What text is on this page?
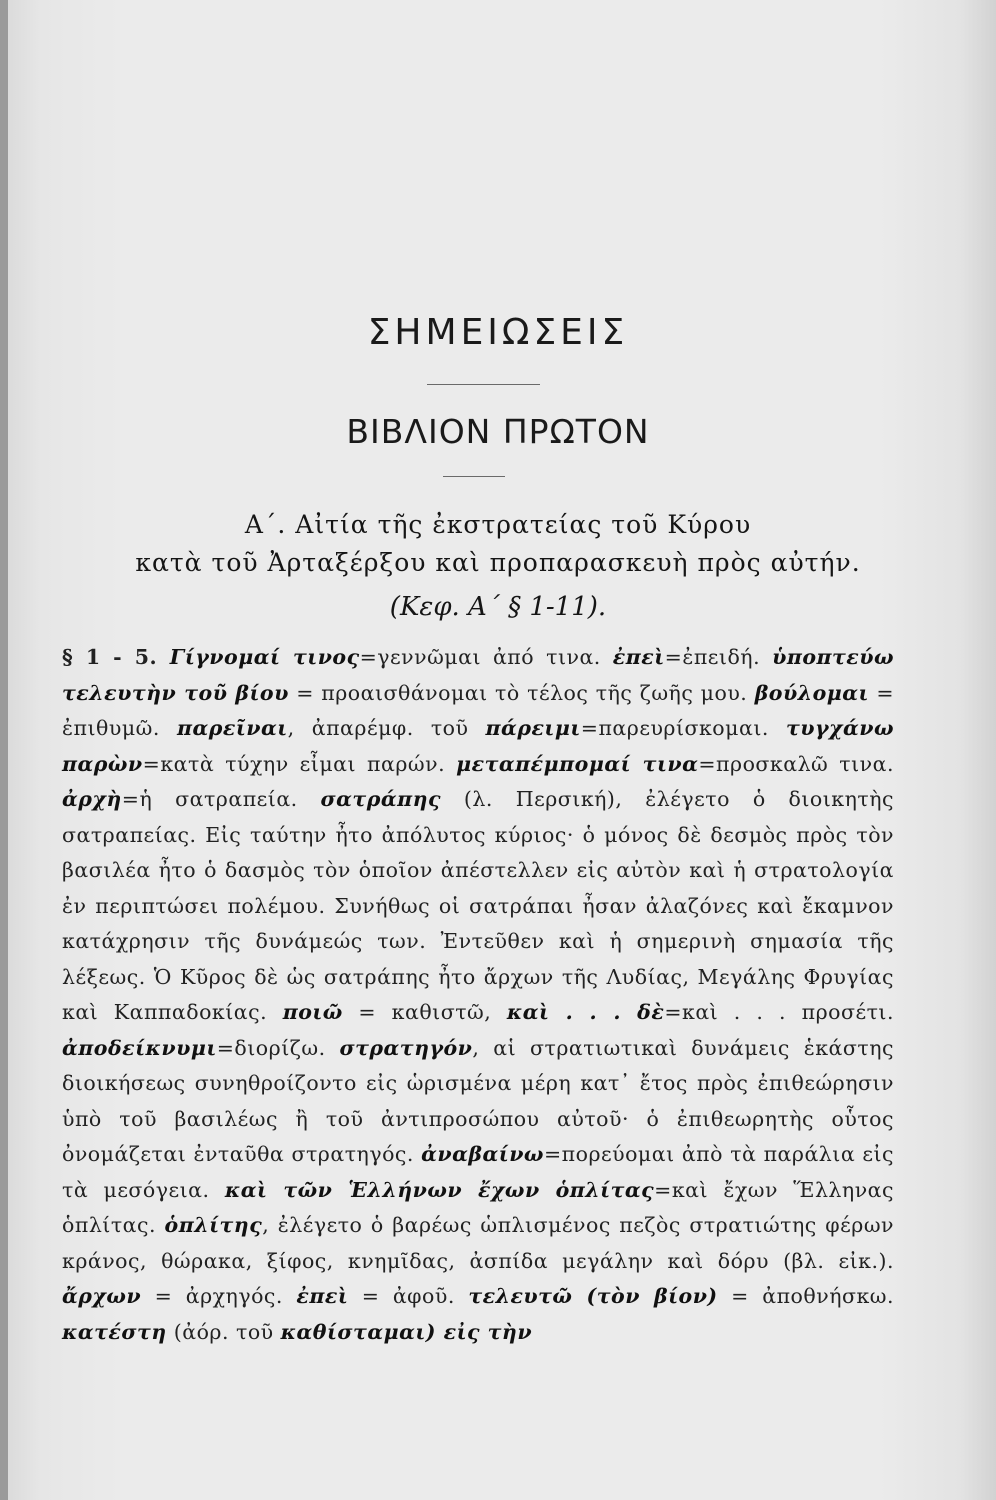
ΣΗΜΕΙΩΣΕΙΣ
ΒΙΒΛΙΟΝ ΠΡΩΤΟΝ
Α΄. Αἰτία τῆς ἐκστρατείας τοῦ Κύρου
κατὰ τοῦ Ἀρταξέρξου καὶ προπαρασκευὴ πρὸς αὐτήν.
(Κεφ. Α΄ § 1-11).
§ 1 - 5. Γίγνομαί τινος=γεννῶμαι ἀπό τινα. ἐπεὶ=ἐπειδή. ὑποπτεύω τελευτὴν τοῦ βίου = προαισθάνομαι τὸ τέλος τῆς ζωῆς μου. βούλομαι = ἐπιθυμῶ. παρεῖναι, ἀπαρέμφ. τοῦ πάρειμι=παρευρίσκομαι. τυγχάνω παρὼν=κατὰ τύχην εἶμαι παρών. μεταπέμπομαί τινα=προσκαλῶ τινα. ἀρχὴ=ἡ σατραπεία. σατράπης (λ. Περσική), ἐλέγετο ὁ διοικητὴς σατραπείας. Εἰς ταύτην ἦτο ἀπόλυτος κύριος· ὁ μόνος δὲ δεσμὸς πρὸς τὸν βασιλέα ἦτο ὁ δασμὸς τὸν ὁποῖον ἀπέστελλεν εἰς αὐτὸν καὶ ἡ στρατολογία ἐν περιπτώσει πολέμου. Συνήθως οἱ σατράπαι ἦσαν ἀλαζόνες καὶ ἔκαμνον κατάχρησιν τῆς δυνάμεώς των. Ἐντεῦθεν καὶ ἡ σημερινὴ σημασία τῆς λέξεως. Ὁ Κῦρος δὲ ὡς σατράπης ἦτο ἄρχων τῆς Λυδίας, Μεγάλης Φρυγίας καὶ Καππαδοκίας. ποιῶ = καθιστῶ, καὶ . . . δὲ=καὶ . . . προσέτι. ἀποδείκνυμι=διορίζω. στρατηγόν, αἱ στρατιωτικαὶ δυνάμεις ἑκάστης διοικήσεως συνηθροίζοντο εἰς ὡρισμένα μέρη κατ᾽ ἔτος πρὸς ἐπιθεώρησιν ὑπὸ τοῦ βασιλέως ἢ τοῦ ἀντιπροσώπου αὐτοῦ· ὁ ἐπιθεωρητὴς οὗτος ὀνομάζεται ἐνταῦθα στρατηγός. ἀναβαίνω=πορεύομαι ἀπὸ τὰ παράλια εἰς τὰ μεσόγεια. καὶ τῶν Ἑλλήνων ἔχων ὁπλίτας=καὶ ἔχων Ἕλληνας ὁπλίτας. ὁπλίτης, ἐλέγετο ὁ βαρέως ὡπλισμένος πεζὸς στρατιώτης φέρων κράνος, θώρακα, ξίφος, κνημῖδας, ἀσπίδα μεγάλην καὶ δόρυ (βλ. εἰκ.). ἄρχων = ἀρχηγός. ἐπεὶ = ἀφοῦ. τελευτῶ (τὸν βίον) = ἀποθνήσκω. κατέστη (ἀόρ. τοῦ καθίσταμαι) εἰς τὴν
